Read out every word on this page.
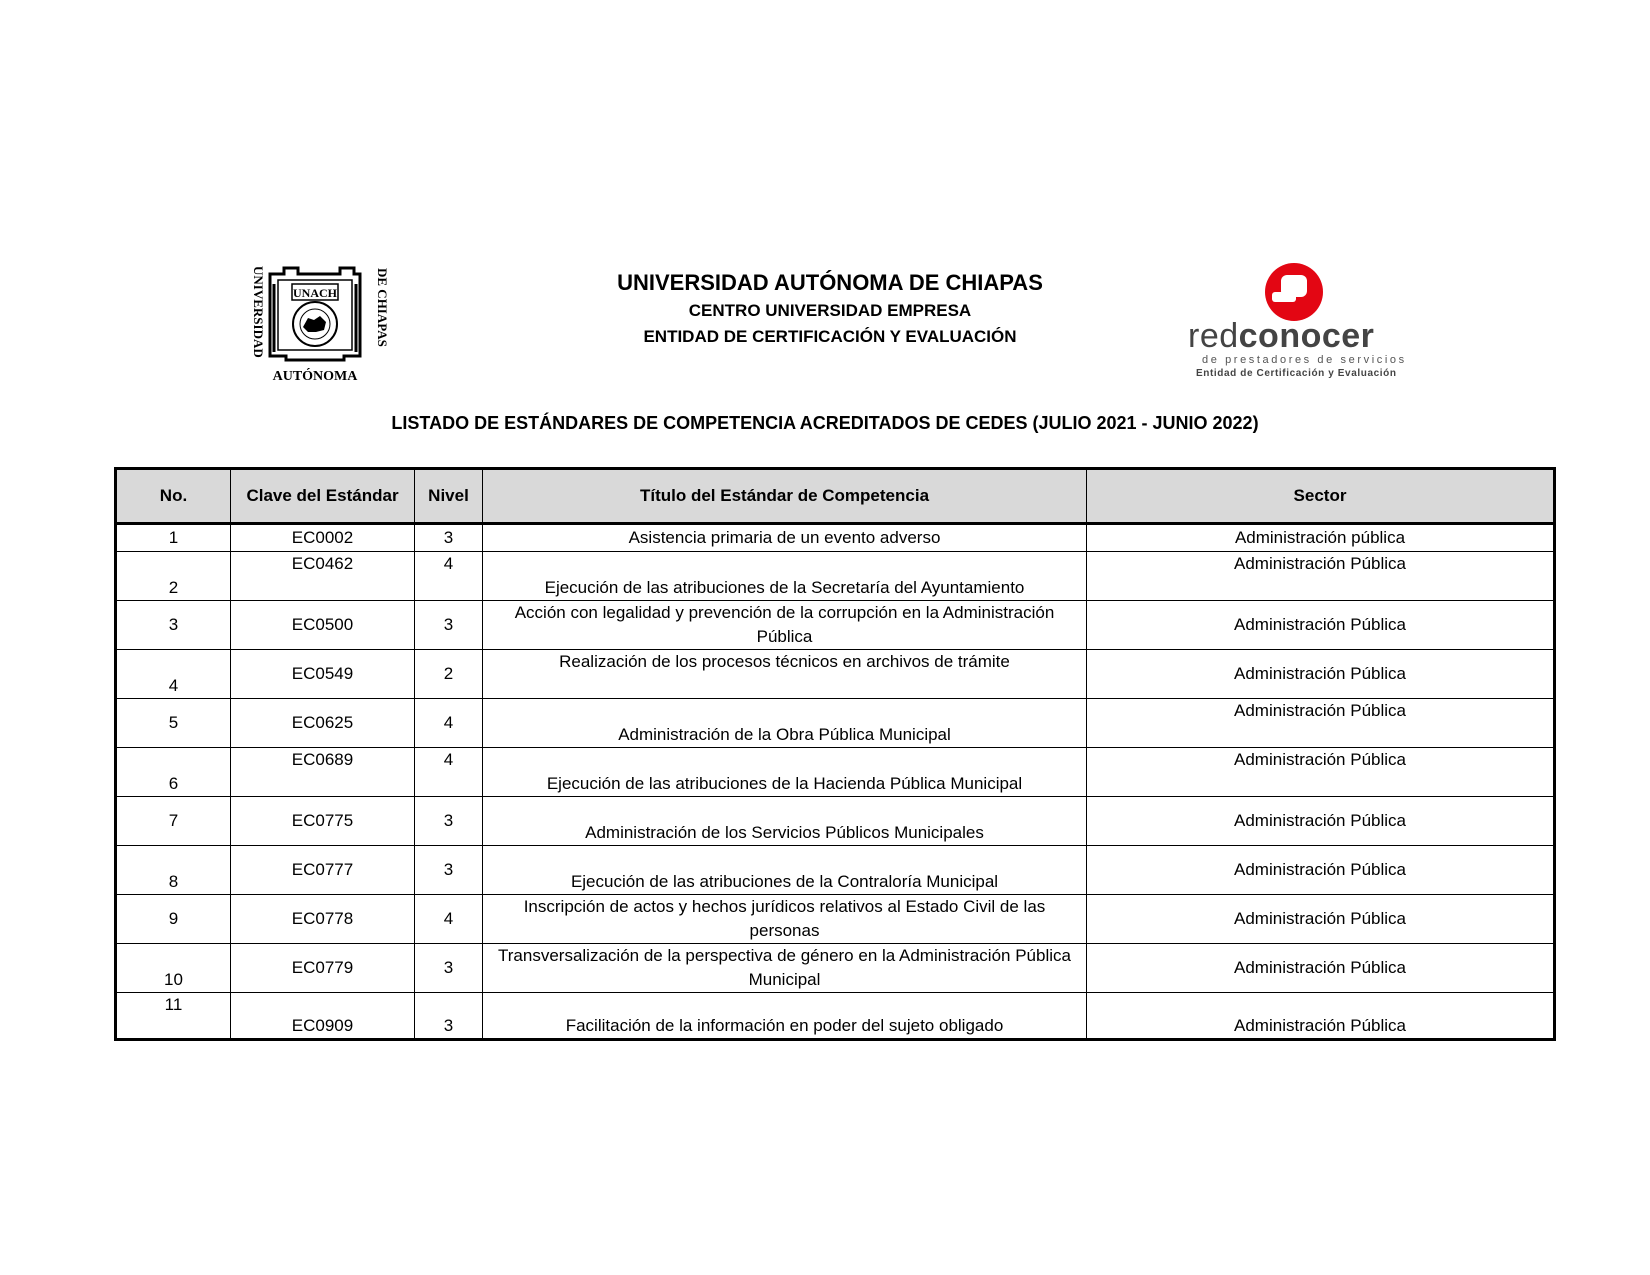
UNIVERSIDAD	DE CHIAPAS
UNACH
AUTÓNOMA
UNIVERSIDAD AUTÓNOMA DE CHIAPAS
CENTRO UNIVERSIDAD EMPRESA
ENTIDAD DE CERTIFICACIÓN Y EVALUACIÓN	redconocer
de prestadores de servicios
Entidad de Certificación y Evaluación
LISTADO DE ESTÁNDARES DE COMPETENCIA ACREDITADOS DE CEDES (JULIO 2021 - JUNIO 2022)
No.	Clave del Estándar	Nivel	Título del Estándar de Competencia	Sector
1	EC0002	3	Asistencia primaria de un evento adverso	Administración pública
2	EC0462	4	Ejecución de las atribuciones de la Secretaría del Ayuntamiento	Administración Pública
3	EC0500	3	Acción con legalidad y prevención de la corrupción en la Administración Pública	Administración Pública
4	EC0549	2	Realización de los procesos técnicos en archivos de trámite	Administración Pública
5	EC0625	4	Administración de la Obra Pública Municipal	Administración Pública
6	EC0689	4	Ejecución de las atribuciones de la Hacienda Pública Municipal	Administración Pública
7	EC0775	3	Administración de los Servicios Públicos Municipales	Administración Pública
8	EC0777	3	Ejecución de las atribuciones de la Contraloría Municipal	Administración Pública
9	EC0778	4	Inscripción de actos y hechos jurídicos relativos al Estado Civil de las personas	Administración Pública
10	EC0779	3	Transversalización de la perspectiva de género en la Administración Pública Municipal	Administración Pública
11	EC0909	3	Facilitación de la información en poder del sujeto obligado	Administración Pública
